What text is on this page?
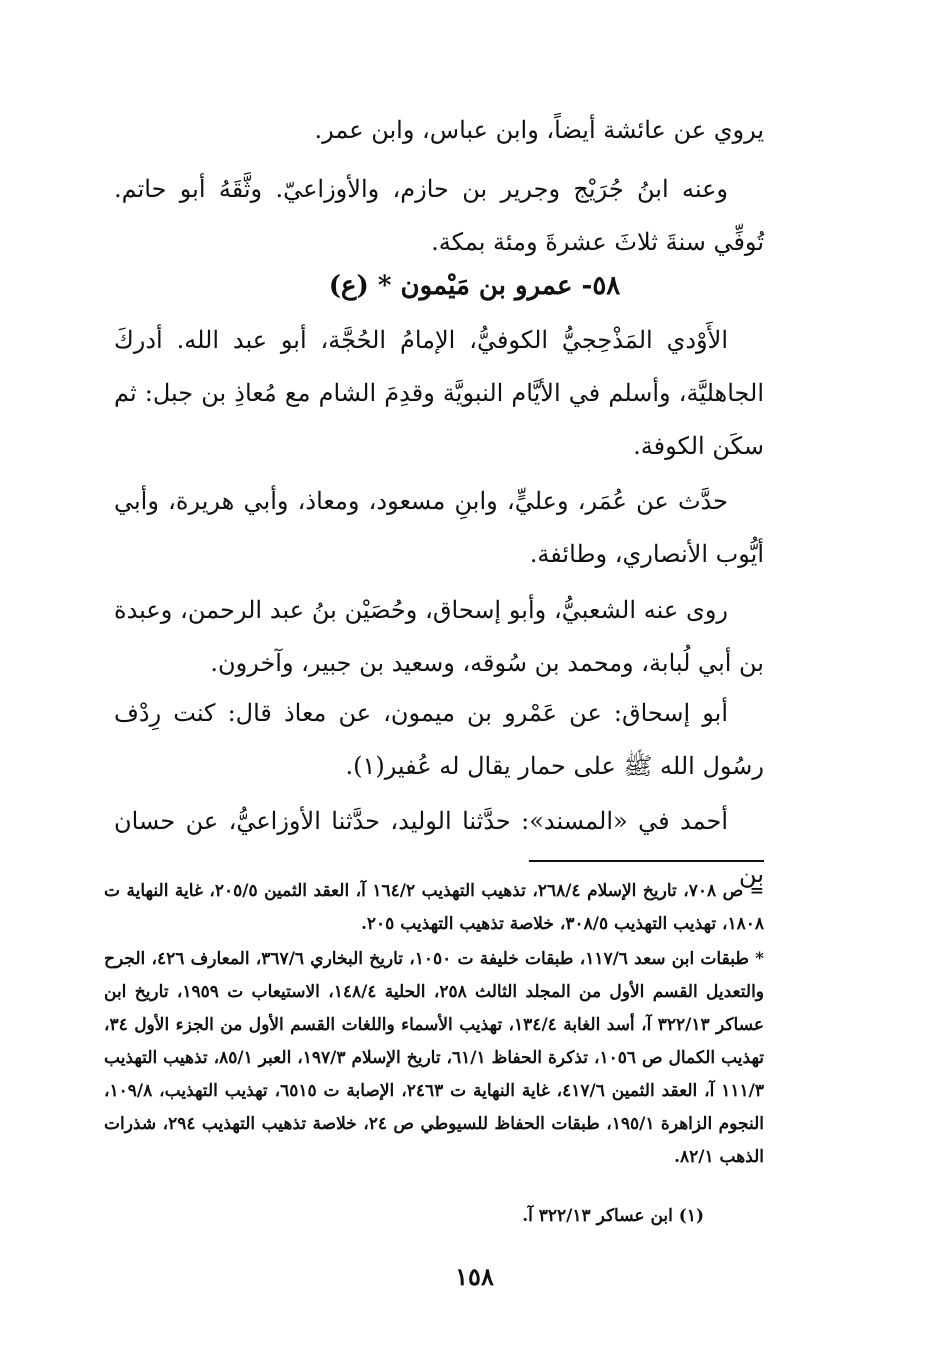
يروي عن عائشة أيضاً، وابن عباس، وابن عمر.

وعنه ابنُ جُرَيْج وجرير بن حازم، والأوزاعيّ. وثَّقَهُ أبو حاتم. تُوفِّي سنةَ ثلاثَ عشرةَ ومئة بمكة.

٥٨- عمرو بن مَيْمون * (ع)

الأَوْدي المَذْحِجيُّ الكوفيُّ، الإمامُ الحُجَّة، أبو عبد الله. أدركَ الجاهليَّة، وأسلم في الأيَّام النبويَّة وقدِمَ الشام مع مُعاذِ بن جبل: ثم سكَن الكوفة.

حدَّث عن عُمَر، وعليٍّ، وابنِ مسعود، ومعاذ، وأبي هريرة، وأبي أيُّوب الأنصاري، وطائفة.

روى عنه الشعبيُّ، وأبو إسحاق، وحُصَيْن بنُ عبد الرحمن، وعبدة بن أبي لُبابة، ومحمد بن سُوقه، وسعيد بن جبير، وآخرون.

أبو إسحاق: عن عَمْرو بن ميمون، عن معاذ قال: كنت رِدْف رسُول الله ﷺ على حمار يقال له عُفير(١).

أحمد في «المسند»: حدَّثنا الوليد، حدَّثنا الأوزاعيُّ، عن حسان بن

= ص ٧٠٨، تاريخ الإسلام ٢٦٨/٤، تذهيب التهذيب ١٦٤/٢ آ، العقد الثمين ٢٠٥/٥، غاية النهاية ت ١٨٠٨، تهذيب التهذيب ٣٠٨/٥، خلاصة تذهيب التهذيب ٢٠٥.

* طبقات ابن سعد ١١٧/٦، طبقات خليفة ت ١٠٥٠، تاريخ البخاري ٣٦٧/٦، المعارف ٤٢٦، الجرح والتعديل القسم الأول من المجلد الثالث ٢٥٨، الحلية ١٤٨/٤، الاستيعاب ت ١٩٥٩، تاريخ ابن عساكر ٣٢٢/١٣ آ، أسد الغابة ١٣٤/٤، تهذيب الأسماء واللغات القسم الأول من الجزء الأول ٣٤، تهذيب الكمال ص ١٠٥٦، تذكرة الحفاظ ٦١/١، تاريخ الإسلام ١٩٧/٣، العبر ٨٥/١، تذهيب التهذيب ١١١/٣ آ، العقد الثمين ٤١٧/٦، غاية النهاية ت ٢٤٦٣، الإصابة ت ٦٥١٥، تهذيب التهذيب، ١٠٩/٨، النجوم الزاهرة ١٩٥/١، طبقات الحفاظ للسيوطي ص ٢٤، خلاصة تذهيب التهذيب ٢٩٤، شذرات الذهب ٨٢/١.

(١) ابن عساكر ٣٢٢/١٣ آ.

١٥٨
